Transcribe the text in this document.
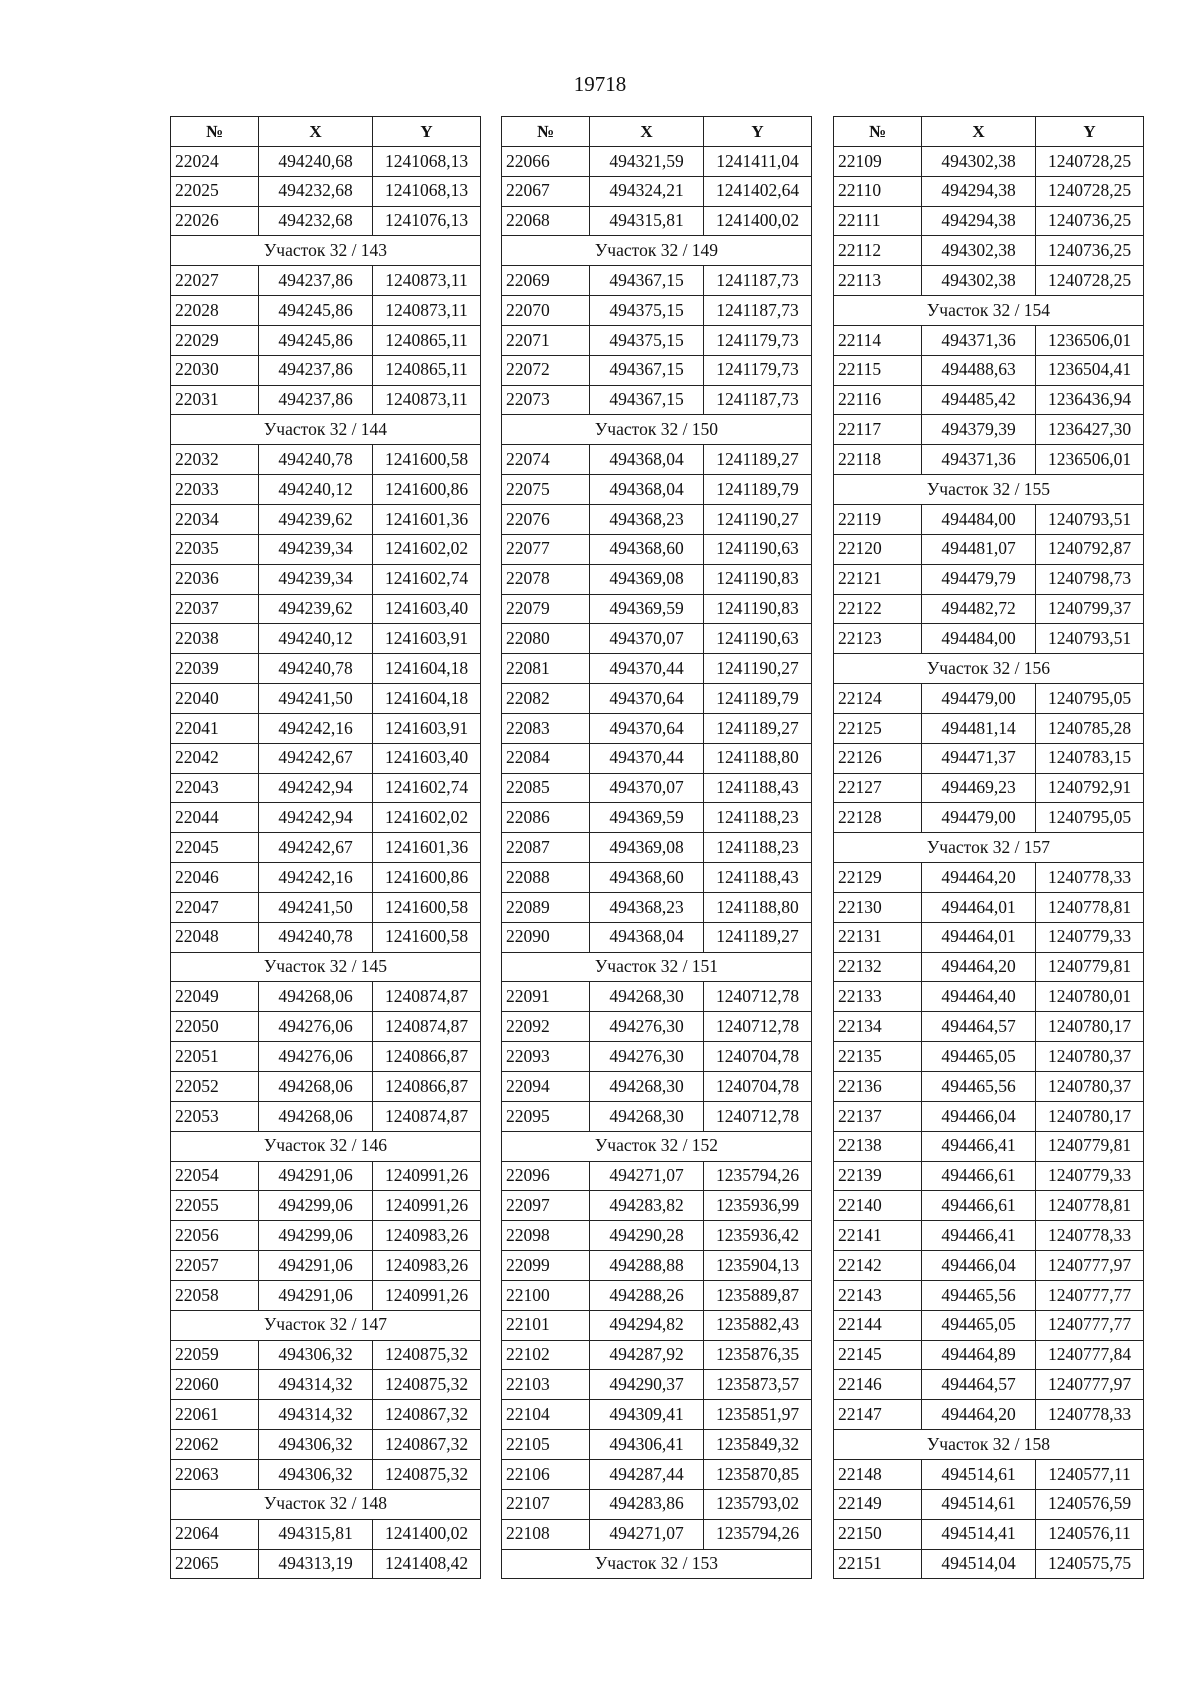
19718
№	X	Y
22024	494240,68	1241068,13
22025	494232,68	1241068,13
22026	494232,68	1241076,13
Участок 32 / 143		
22027	494237,86	1240873,11
22028	494245,86	1240873,11
22029	494245,86	1240865,11
22030	494237,86	1240865,11
22031	494237,86	1240873,11
Участок 32 / 144		
22032	494240,78	1241600,58
22033	494240,12	1241600,86
22034	494239,62	1241601,36
22035	494239,34	1241602,02
22036	494239,34	1241602,74
22037	494239,62	1241603,40
22038	494240,12	1241603,91
22039	494240,78	1241604,18
22040	494241,50	1241604,18
22041	494242,16	1241603,91
22042	494242,67	1241603,40
22043	494242,94	1241602,74
22044	494242,94	1241602,02
22045	494242,67	1241601,36
22046	494242,16	1241600,86
22047	494241,50	1241600,58
22048	494240,78	1241600,58
Участок 32 / 145		
22049	494268,06	1240874,87
22050	494276,06	1240874,87
22051	494276,06	1240866,87
22052	494268,06	1240866,87
22053	494268,06	1240874,87
Участок 32 / 146		
22054	494291,06	1240991,26
22055	494299,06	1240991,26
22056	494299,06	1240983,26
22057	494291,06	1240983,26
22058	494291,06	1240991,26
Участок 32 / 147		
22059	494306,32	1240875,32
22060	494314,32	1240875,32
22061	494314,32	1240867,32
22062	494306,32	1240867,32
22063	494306,32	1240875,32
Участок 32 / 148		
22064	494315,81	1241400,02
22065	494313,19	1241408,42
№	X	Y
22066	494321,59	1241411,04
22067	494324,21	1241402,64
22068	494315,81	1241400,02
Участок 32 / 149		
22069	494367,15	1241187,73
22070	494375,15	1241187,73
22071	494375,15	1241179,73
22072	494367,15	1241179,73
22073	494367,15	1241187,73
Участок 32 / 150		
22074	494368,04	1241189,27
22075	494368,04	1241189,79
22076	494368,23	1241190,27
22077	494368,60	1241190,63
22078	494369,08	1241190,83
22079	494369,59	1241190,83
22080	494370,07	1241190,63
22081	494370,44	1241190,27
22082	494370,64	1241189,79
22083	494370,64	1241189,27
22084	494370,44	1241188,80
22085	494370,07	1241188,43
22086	494369,59	1241188,23
22087	494369,08	1241188,23
22088	494368,60	1241188,43
22089	494368,23	1241188,80
22090	494368,04	1241189,27
Участок 32 / 151		
22091	494268,30	1240712,78
22092	494276,30	1240712,78
22093	494276,30	1240704,78
22094	494268,30	1240704,78
22095	494268,30	1240712,78
Участок 32 / 152		
22096	494271,07	1235794,26
22097	494283,82	1235936,99
22098	494290,28	1235936,42
22099	494288,88	1235904,13
22100	494288,26	1235889,87
22101	494294,82	1235882,43
22102	494287,92	1235876,35
22103	494290,37	1235873,57
22104	494309,41	1235851,97
22105	494306,41	1235849,32
22106	494287,44	1235870,85
22107	494283,86	1235793,02
22108	494271,07	1235794,26
Участок 32 / 153		
№	X	Y
22109	494302,38	1240728,25
22110	494294,38	1240728,25
22111	494294,38	1240736,25
22112	494302,38	1240736,25
22113	494302,38	1240728,25
Участок 32 / 154		
22114	494371,36	1236506,01
22115	494488,63	1236504,41
22116	494485,42	1236436,94
22117	494379,39	1236427,30
22118	494371,36	1236506,01
Участок 32 / 155		
22119	494484,00	1240793,51
22120	494481,07	1240792,87
22121	494479,79	1240798,73
22122	494482,72	1240799,37
22123	494484,00	1240793,51
Участок 32 / 156		
22124	494479,00	1240795,05
22125	494481,14	1240785,28
22126	494471,37	1240783,15
22127	494469,23	1240792,91
22128	494479,00	1240795,05
Участок 32 / 157		
22129	494464,20	1240778,33
22130	494464,01	1240778,81
22131	494464,01	1240779,33
22132	494464,20	1240779,81
22133	494464,40	1240780,01
22134	494464,57	1240780,17
22135	494465,05	1240780,37
22136	494465,56	1240780,37
22137	494466,04	1240780,17
22138	494466,41	1240779,81
22139	494466,61	1240779,33
22140	494466,61	1240778,81
22141	494466,41	1240778,33
22142	494466,04	1240777,97
22143	494465,56	1240777,77
22144	494465,05	1240777,77
22145	494464,89	1240777,84
22146	494464,57	1240777,97
22147	494464,20	1240778,33
Участок 32 / 158		
22148	494514,61	1240577,11
22149	494514,61	1240576,59
22150	494514,41	1240576,11
22151	494514,04	1240575,75
